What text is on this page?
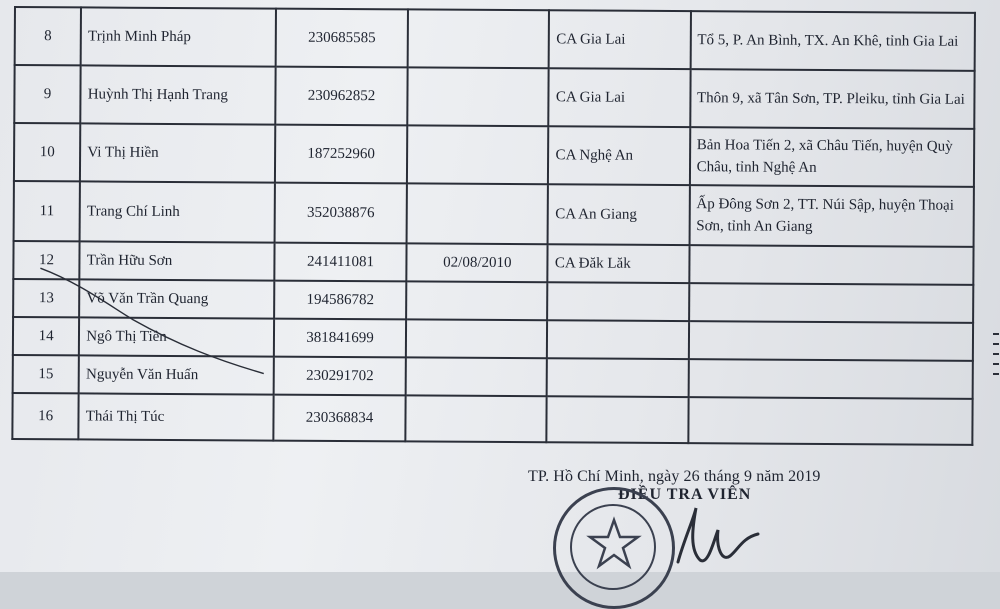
8	Trịnh Minh Pháp	230685585		CA Gia Lai	Tổ 5, P. An Bình, TX. An Khê, tỉnh Gia Lai
9	Huỳnh Thị Hạnh Trang	230962852		CA Gia Lai	Thôn 9, xã Tân Sơn, TP. Pleiku, tỉnh Gia Lai
10	Vi Thị Hiền	187252960		CA Nghệ An	Bản Hoa Tiến 2, xã Châu Tiến, huyện Quỳ Châu, tỉnh Nghệ An
11	Trang Chí Linh	352038876		CA An Giang	Ấp Đông Sơn 2, TT. Núi Sập, huyện Thoại Sơn, tỉnh An Giang
12	Trần Hữu Sơn	241411081	02/08/2010	CA Đăk Lăk	
13	Võ Văn Trần Quang	194586782			
14	Ngô Thị Tiền	381841699			
15	Nguyễn Văn Huấn	230291702			
16	Thái Thị Túc	230368834			
TP. Hồ Chí Minh, ngày 26 tháng 9 năm 2019
ĐIỀU TRA VIÊN
